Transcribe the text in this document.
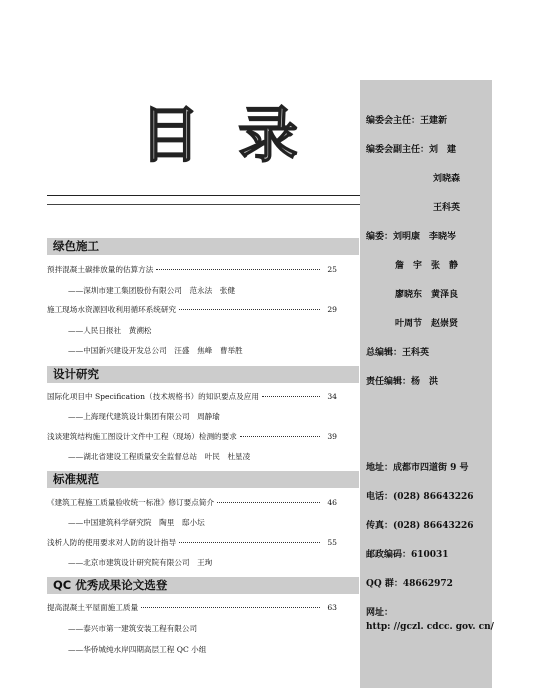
目 录	编委会主任：王建新
编委会副主任：刘　建
刘晓森
王科英
编委：刘明康　李晓岑
詹　宇　张　静
廖晓东　黄泽良
叶周节　赵崇贤
总编辑：王科英
责任编辑：杨　洪
地址：成都市四道街 9 号
电话：(028) 86643226
传真：(028) 86643226
邮政编码：610031
QQ 群：48662972
网址：
http: //gczl. cdcc. gov. cn/
绿色施工
预拌混凝土碳排放量的估算方法	25
——深圳市建工集团股份有限公司　范永法　张健
施工现场水资源回收利用循环系统研究	29
——人民日报社　黄溯松
——中国新兴建设开发总公司　汪盛　焦峰　曹举胜
设计研究
国际化项目中 Specification（技术规格书）的知识要点及应用	34
——上海现代建筑设计集团有限公司　周静瑜
浅谈建筑结构施工图设计文件中工程（现场）检测的要求	39
——湖北省建设工程质量安全监督总站　叶民　杜星凌
标准规范
《建筑工程施工质量验收统一标准》修订要点简介	46
——中国建筑科学研究院　陶里　邸小坛
浅析人防的使用要求对人防的设计指导	55
——北京市建筑设计研究院有限公司　王珣
QC 优秀成果论文选登
提高混凝土平屋面施工质量	63
——泰兴市第一建筑安装工程有限公司
——华侨城纯水岸四期高层工程 QC 小组
